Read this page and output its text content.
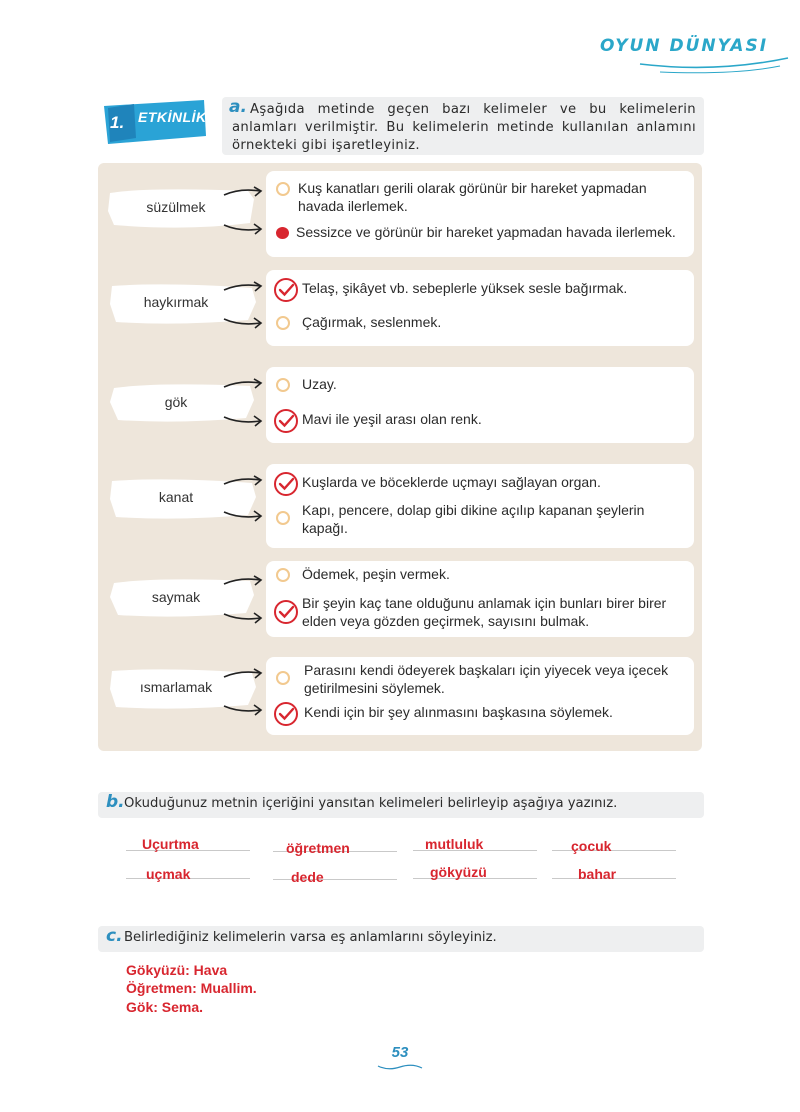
OYUN DÜNYASI
1. ETKİNLİK	Aşağıda metinde geçen bazı kelimeler ve bu kelimelerin anlamları verilmiştir. Bu kelimelerin metinde kullanılan anlamını örnekteki gibi işaretleyiniz.
a.
süzülmek
Kuş kanatları gerili olarak görünür bir hareket yapmadan havada ilerlemek.
Sessizce ve görünür bir hareket yapmadan havada ilerlemek.
haykırmak
Telaş, şikâyet vb. sebeplerle yüksek sesle bağırmak.
Çağırmak, seslenmek.
gök
Uzay.
Mavi ile yeşil arası olan renk.
kanat
Kuşlarda ve böceklerde uçmayı sağlayan organ.
Kapı, pencere, dolap gibi dikine açılıp kapanan şeylerin kapağı.
saymak
Ödemek, peşin vermek.
Bir şeyin kaç tane olduğunu anlamak için bunları birer birer elden veya gözden geçirmek, sayısını bulmak.
ısmarlamak
Parasını kendi ödeyerek başkaları için yiyecek veya içecek getirilmesini söylemek.
Kendi için bir şey alınmasını başkasına söylemek.
Okuduğunuz metnin içeriğini yansıtan kelimeleri belirleyip aşağıya yazınız.
b.
Uçurtma	öğretmen	mutluluk	çocuk
uçmak	dede	gökyüzü	bahar
Belirlediğiniz kelimelerin varsa eş anlamlarını söyleyiniz.
c.
Gökyüzü: Hava
Öğretmen: Muallim.
Gök: Sema.
53
